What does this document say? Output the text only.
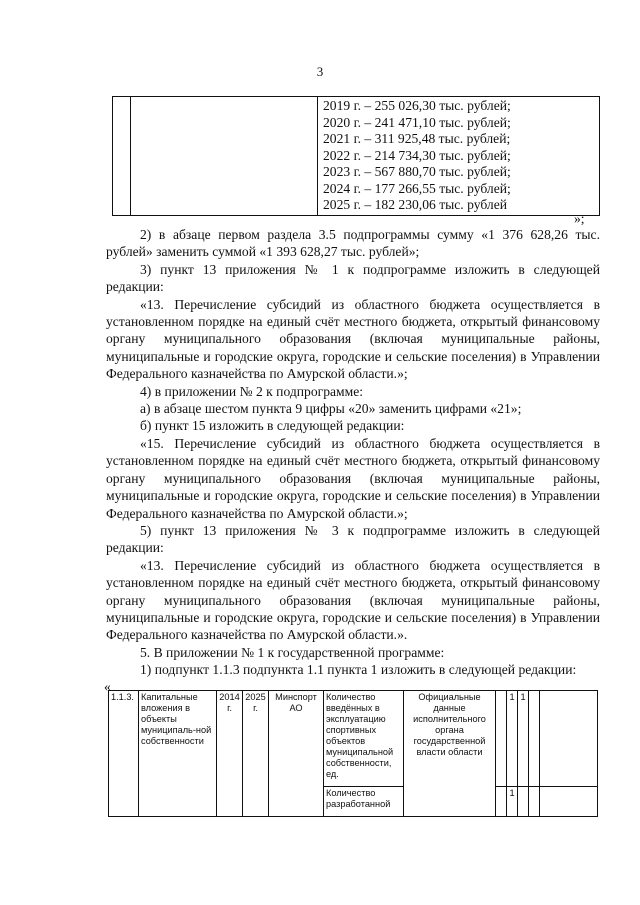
3
2019 г. – 255 026,30 тыс. рублей;
2020 г. – 241 471,10 тыс. рублей;
2021 г. – 311 925,48 тыс. рублей;
2022 г. – 214 734,30 тыс. рублей;
2023 г. – 567 880,70 тыс. рублей;
2024 г. – 177 266,55 тыс. рублей;
2025 г. – 182 230,06 тыс. рублей
»;

2) в абзаце первом раздела 3.5 подпрограммы сумму «1 376 628,26 тыс. рублей» заменить суммой «1 393 628,27 тыс. рублей»;

3) пункт 13 приложения № 1 к подпрограмме изложить в следующей редакции:

«13. Перечисление субсидий из областного бюджета осуществляется в установленном порядке на единый счёт местного бюджета, открытый финансовому органу муниципального образования (включая муниципальные районы, муниципальные и городские округа, городские и сельские поселения) в Управлении Федерального казначейства по Амурской области.»;

4) в приложении № 2 к подпрограмме:

а) в абзаце шестом пункта 9 цифры «20» заменить цифрами «21»;

б) пункт 15 изложить в следующей редакции:

«15. Перечисление субсидий из областного бюджета осуществляется в установленном порядке на единый счёт местного бюджета, открытый финансовому органу муниципального образования (включая муниципальные районы, муниципальные и городские округа, городские и сельские поселения) в Управлении Федерального казначейства по Амурской области.»;

5) пункт 13 приложения № 3 к подпрограмме изложить в следующей редакции:

«13. Перечисление субсидий из областного бюджета осуществляется в установленном порядке на единый счёт местного бюджета, открытый финансовому органу муниципального образования (включая муниципальные районы, муниципальные и городские округа, городские и сельские поселения) в Управлении Федерального казначейства по Амурской области.».

5. В приложении № 1 к государственной программе:

1) подпункт 1.1.3 подпункта 1.1 пункта 1 изложить в следующей редакции:

«
1.1.3.	Капитальные вложения в объекты муниципаль-ной собственности	2014 г.	2025 г.	Минспорт АО	Количество введённых в эксплуатацию спортивных объектов муниципальной собственности, ед.	Официальные данные исполнительного органа государственной власти области		1	1		
					Количество разработанной			1			
